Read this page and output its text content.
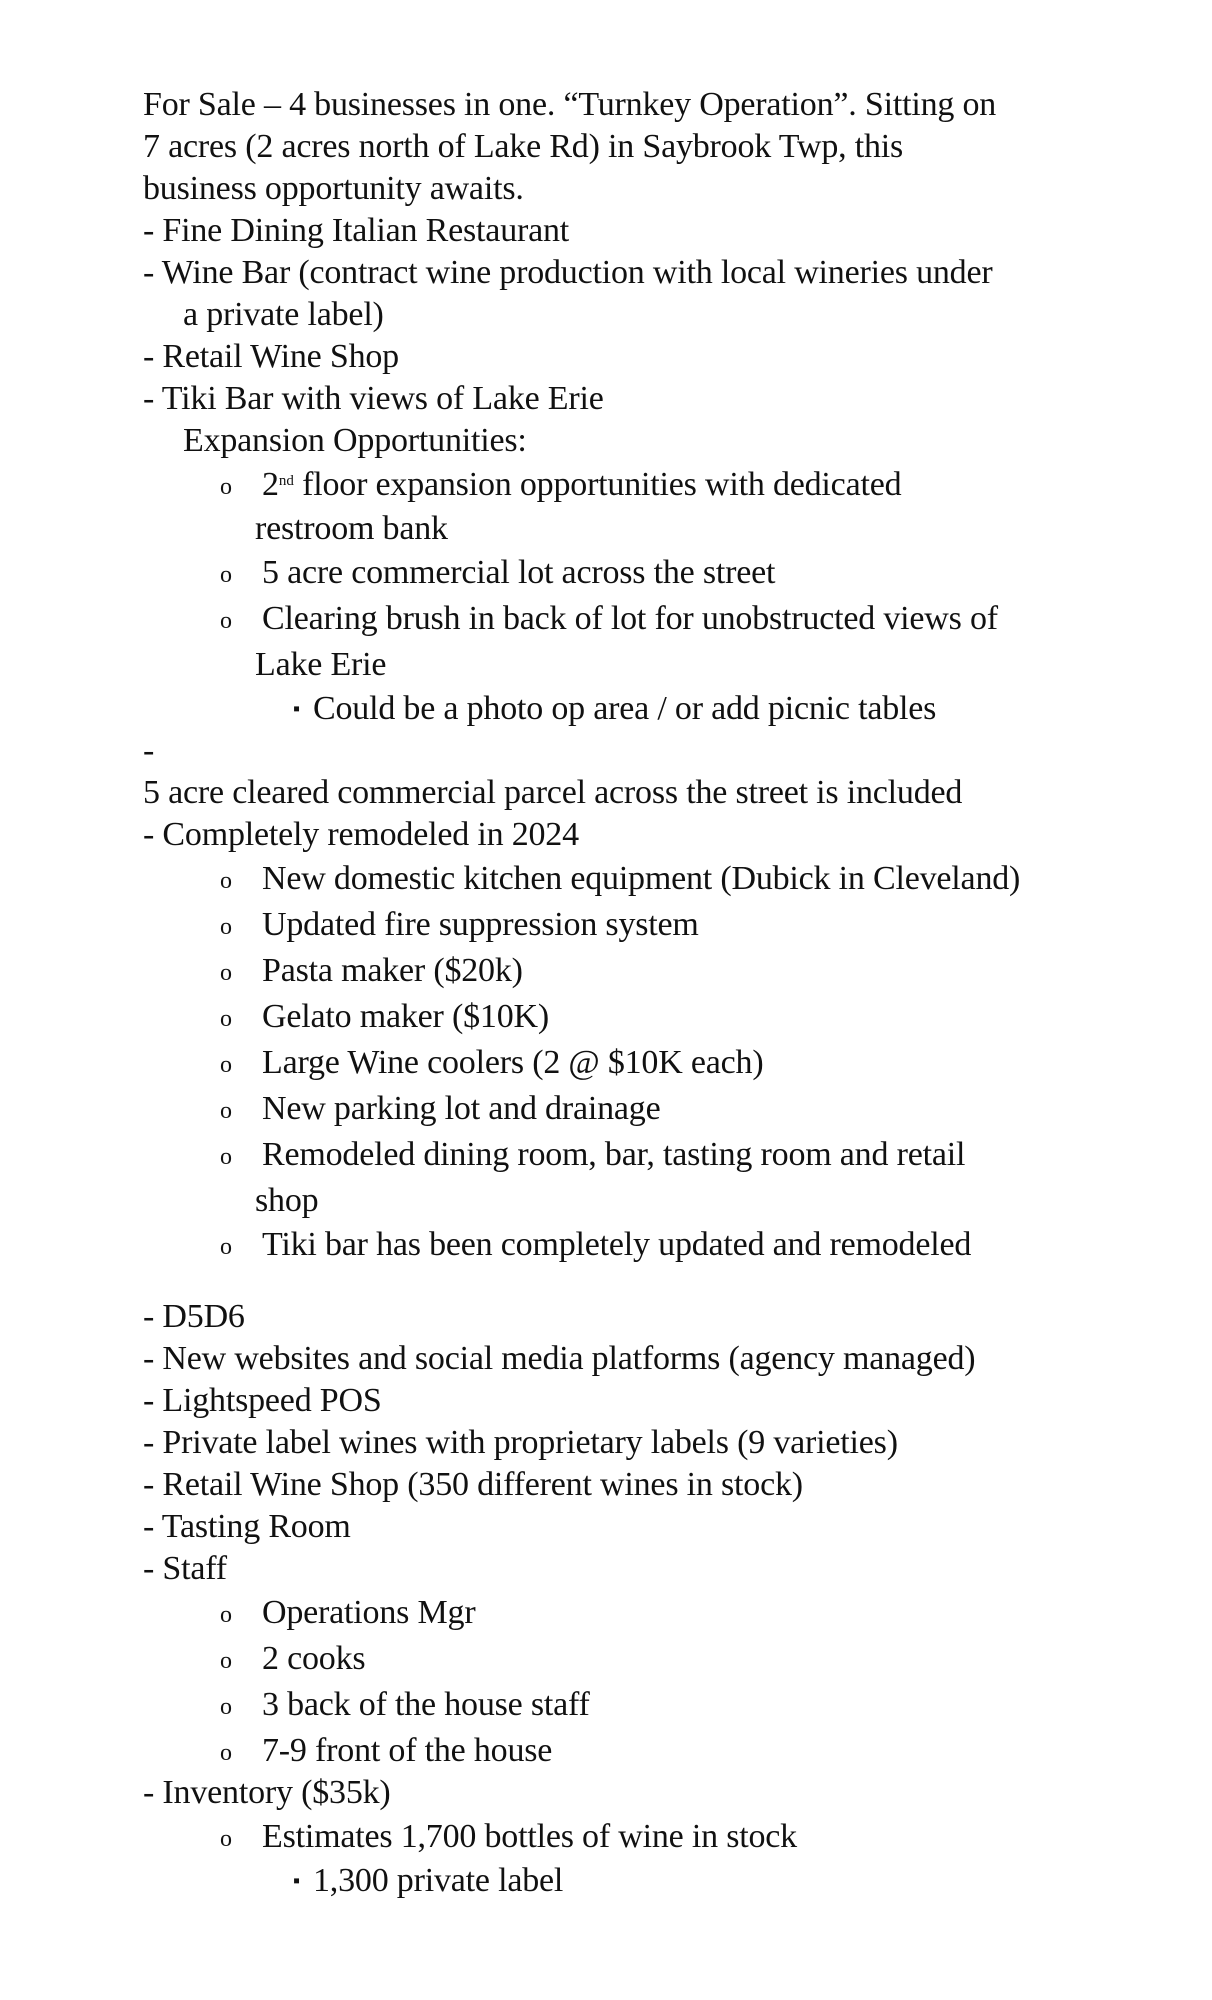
For Sale – 4 businesses in one. “Turnkey Operation”. Sitting on
7 acres (2 acres north of Lake Rd) in Saybrook Twp, this
business opportunity awaits.
- Fine Dining Italian Restaurant
- Wine Bar (contract wine production with local wineries under
a private label)
- Retail Wine Shop
- Tiki Bar with views of Lake Erie
Expansion Opportunities:
o 2nd floor expansion opportunities with dedicated
restroom bank
o 5 acre commercial lot across the street
o Clearing brush in back of lot for unobstructed views of
Lake Erie
▪ Could be a photo op area / or add picnic tables
-
5 acre cleared commercial parcel across the street is included
- Completely remodeled in 2024
o New domestic kitchen equipment (Dubick in Cleveland)
o Updated fire suppression system
o Pasta maker ($20k)
o Gelato maker ($10K)
o Large Wine coolers (2 @ $10K each)
o New parking lot and drainage
o Remodeled dining room, bar, tasting room and retail
shop
o Tiki bar has been completely updated and remodeled
- D5D6
- New websites and social media platforms (agency managed)
- Lightspeed POS
- Private label wines with proprietary labels (9 varieties)
- Retail Wine Shop (350 different wines in stock)
- Tasting Room
- Staff
o Operations Mgr
o 2 cooks
o 3 back of the house staff
o 7-9 front of the house
- Inventory ($35k)
o Estimates 1,700 bottles of wine in stock
▪ 1,300 private label
